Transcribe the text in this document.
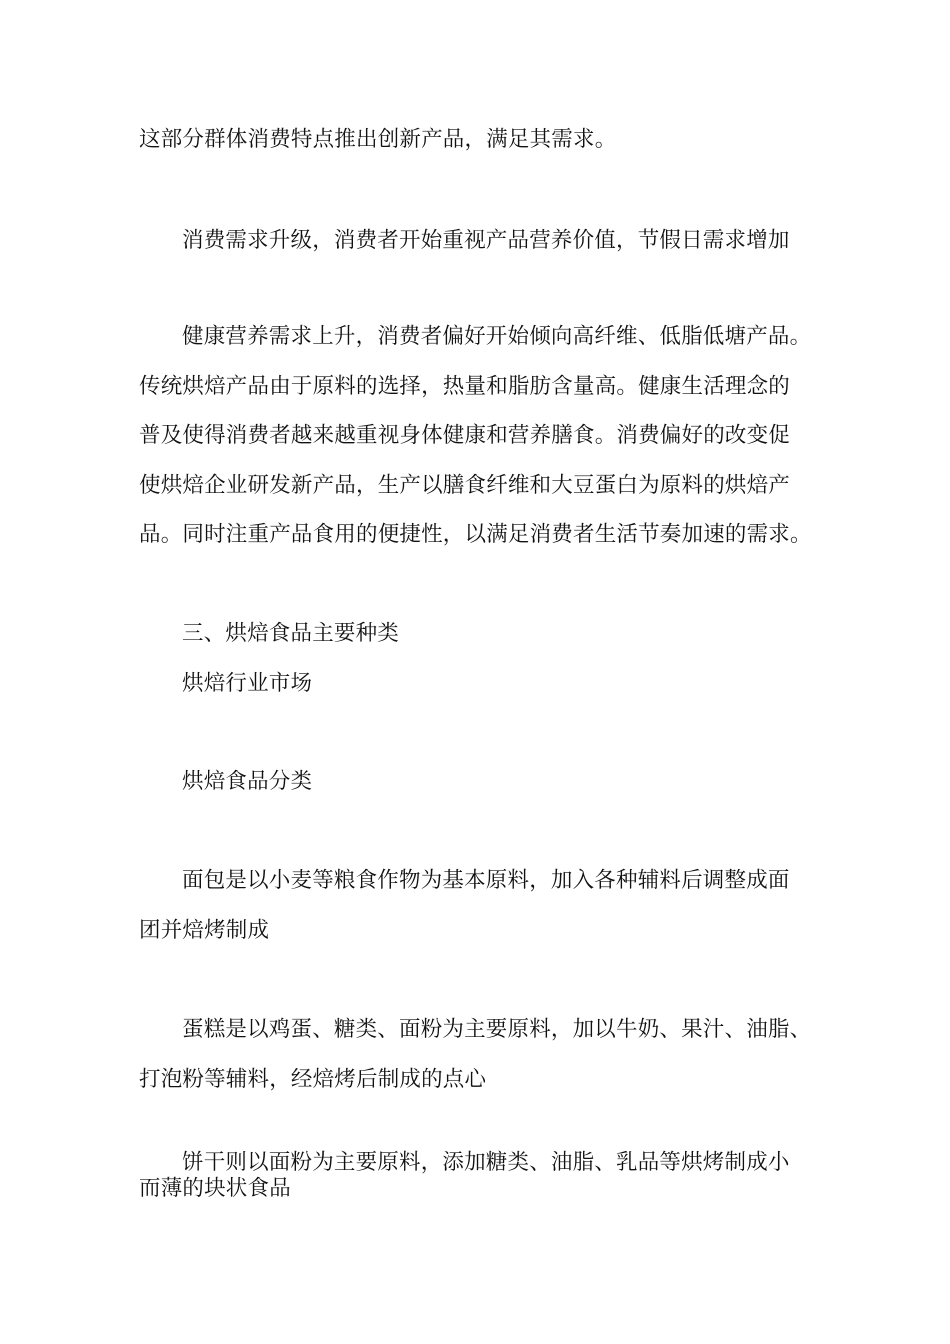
这部分群体消费特点推出创新产品，满足其需求。
消费需求升级，消费者开始重视产品营养价值，节假日需求增加
健康营养需求上升，消费者偏好开始倾向高纤维、低脂低塘产品。
传统烘焙产品由于原料的选择，热量和脂肪含量高。健康生活理念的
普及使得消费者越来越重视身体健康和营养膳食。消费偏好的改变促
使烘焙企业研发新产品，生产以膳食纤维和大豆蛋白为原料的烘焙产
品。同时注重产品食用的便捷性，以满足消费者生活节奏加速的需求。
三、烘焙食品主要种类
烘焙行业市场
烘焙食品分类
面包是以小麦等粮食作物为基本原料，加入各种辅料后调整成面
团并焙烤制成
蛋糕是以鸡蛋、糖类、面粉为主要原料，加以牛奶、果汁、油脂、
打泡粉等辅料，经焙烤后制成的点心
饼干则以面粉为主要原料，添加糖类、油脂、乳品等烘烤制成小
而薄的块状食品
